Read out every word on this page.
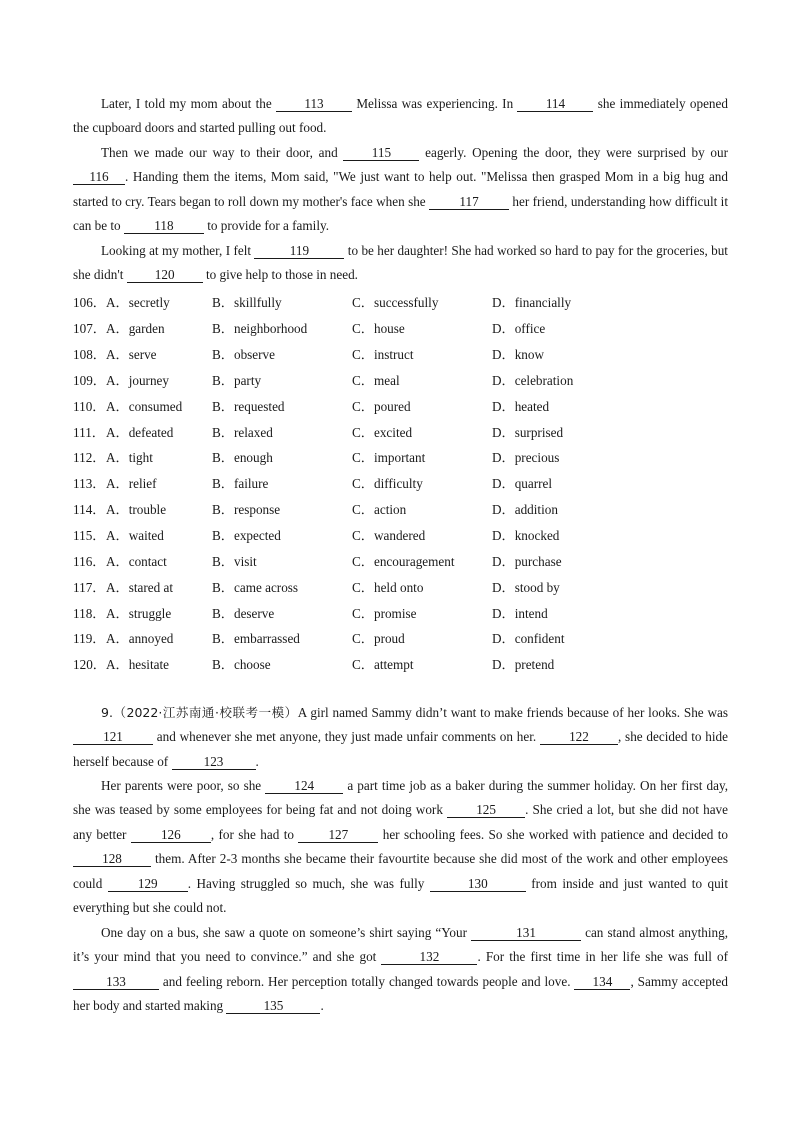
Later, I told my mom about the 113 Melissa was experiencing. In 114 she immediately opened the cupboard doors and started pulling out food.

Then we made our way to their door, and 115 eagerly. Opening the door, they were surprised by our 116 . Handing them the items, Mom said, "We just want to help out. "Melissa then grasped Mom in a big hug and started to cry. Tears began to roll down my mother's face when she 117 her friend, understanding how difficult it can be to 118 to provide for a family.

Looking at my mother, I felt	119	to be her daughter! She had worked so hard to pay for the groceries, but she didn't 120 to give help to those in need.

106．	A．secretly	B．skillfully	C．successfully	D．financially
107．	A．garden	B．neighborhood	C．house	D．office
108．	A．serve	B．observe	C．instruct	D．know
109．	A．journey	B．party	C．meal	D．celebration
110．	A．consumed	B．requested	C．poured	D．heated
111．	A．defeated	B．relaxed	C．excited	D．surprised
112．	A．tight	B．enough	C．important	D．precious
113．	A．relief	B．failure	C．difficulty	D．quarrel
114．	A．trouble	B．response	C．action	D．addition
115．	A．waited	B．expected	C．wandered	D．knocked
116．	A．contact	B．visit	C．encouragement	D．purchase
117．	A．stared at	B．came across	C．held onto	D．stood by
118．	A．struggle	B．deserve	C．promise	D．intend
119．	A．annoyed	B．embarrassed	C．proud	D．confident
120．	A．hesitate	B．choose	C．attempt	D．pretend

9.（2022·江苏南通·校联考一模）A girl named Sammy didn’t want to make friends because of her looks. She was 121 and whenever she met anyone, they just made unfair comments on her. 122 , she decided to hide herself because of 123 .

Her parents were poor, so she 124 a part time job as a baker during the summer holiday. On her first day, she was teased by some employees for being fat and not doing work 125 . She cried a lot, but she did not have any better 126 , for she had to 127 her schooling fees. So she worked with patience and decided to 128 them. After 2-3 months she became their favourtite because she did most of the work and other employees could 129 . Having struggled so much, she was fully	130	from inside and just wanted to quit everything but she could not.

One day on a bus, she saw a quote on someone’s shirt saying “Your	131	can stand almost anything, it’s your mind that you need to convince.” and she got	132	. For the first time in her life she was full of 133	and feeling reborn. Her perception totally changed towards people and love. 134 , Sammy accepted her body and started making	135	.
